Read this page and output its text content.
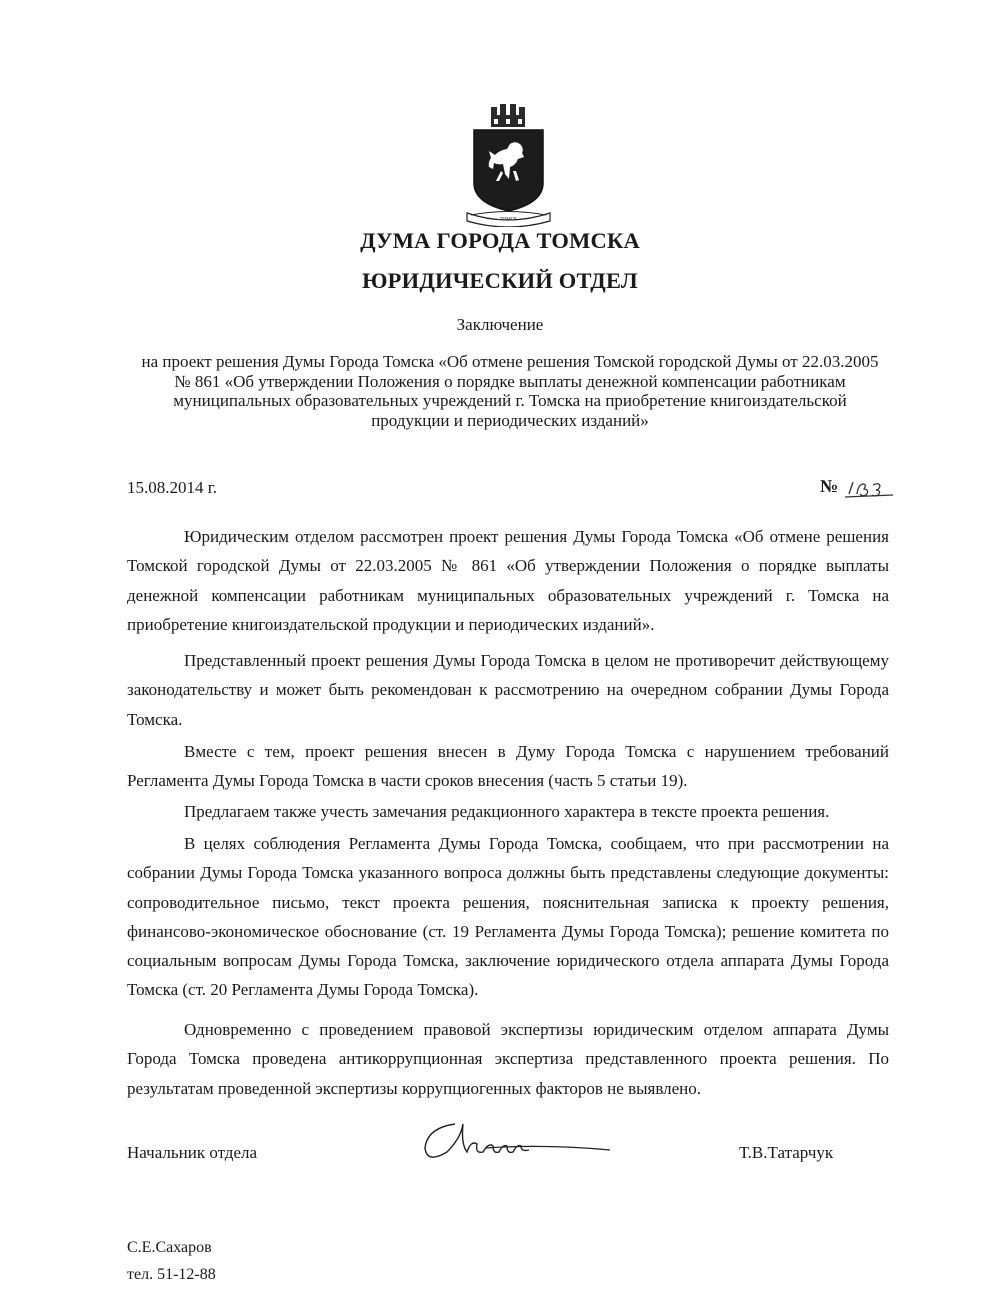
ТОМСК
ДУМА ГОРОДА ТОМСКА
ЮРИДИЧЕСКИЙ ОТДЕЛ
Заключение
на проект решения Думы Города Томска «Об отмене решения Томской городской Думы от 22.03.2005 № 861 «Об утверждении Положения о порядке выплаты денежной компенсации работникам муниципальных образовательных учреждений г. Томска на приобретение книгоиздательской продукции и периодических изданий»
15.08.2014 г.	№

Юридическим отделом рассмотрен проект решения Думы Города Томска «Об отмене решения Томской городской Думы от 22.03.2005 № 861 «Об утверждении Положения о порядке выплаты денежной компенсации работникам муниципальных образовательных учреждений г. Томска на приобретение книгоиздательской продукции и периодических изданий».

Представленный проект решения Думы Города Томска в целом не противоречит действующему законодательству и может быть рекомендован к рассмотрению на очередном собрании Думы Города Томска.

Вместе с тем, проект решения внесен в Думу Города Томска с нарушением требований Регламента Думы Города Томска в части сроков внесения (часть 5 статьи 19).

Предлагаем также учесть замечания редакционного характера в тексте проекта решения.

В целях соблюдения Регламента Думы Города Томска, сообщаем, что при рассмотрении на собрании Думы Города Томска указанного вопроса должны быть представлены следующие документы: сопроводительное письмо, текст проекта решения, пояснительная записка к проекту решения, финансово-экономическое обоснование (ст. 19 Регламента Думы Города Томска); решение комитета по социальным вопросам Думы Города Томска, заключение юридического отдела аппарата Думы Города Томска (ст. 20 Регламента Думы Города Томска).

Одновременно с проведением правовой экспертизы юридическим отделом аппарата Думы Города Томска проведена антикоррупционная экспертиза представленного проекта решения. По результатам проведенной экспертизы коррупциогенных факторов не выявлено.

Начальник отдела	Т.В.Татарчук
С.Е.Сахаров
тел. 51-12-88
